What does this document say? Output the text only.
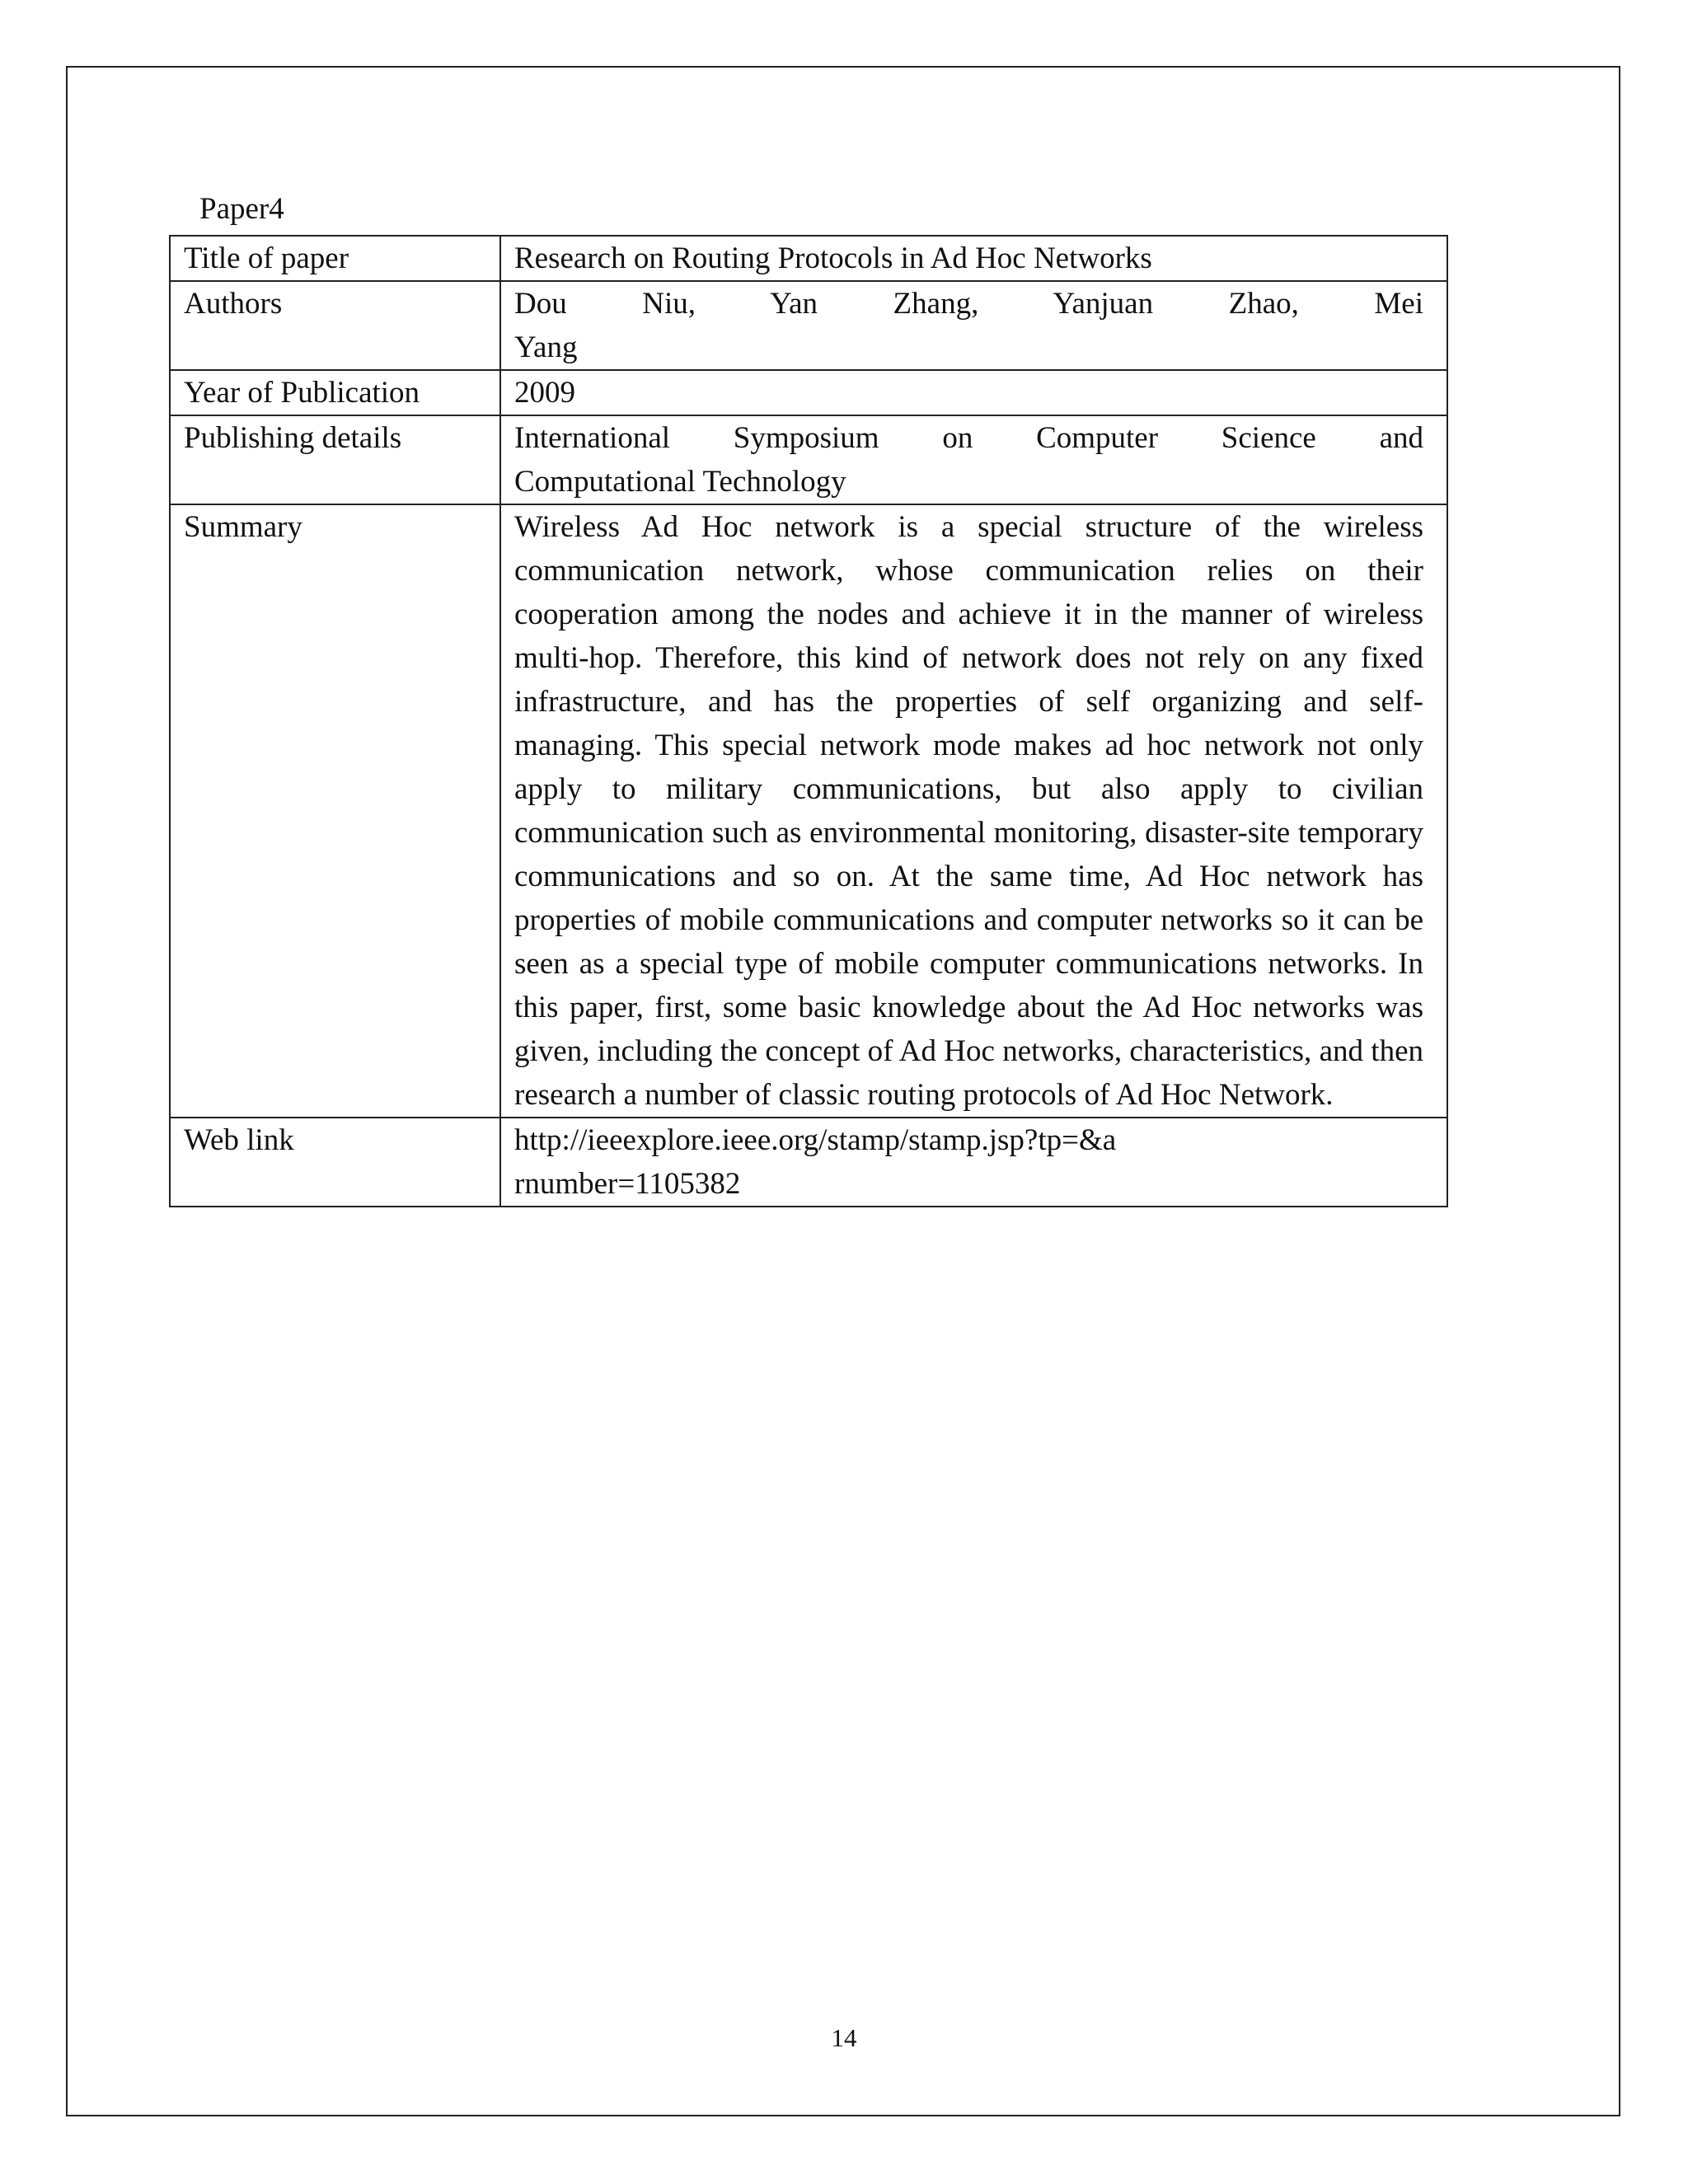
Paper4
Title of paper	Research on Routing Protocols in Ad Hoc Networks
Authors	Dou Niu, Yan Zhang, Yanjuan Zhao, Mei
Yang

Year of Publication	2009
Publishing details	International Symposium on Computer Science and
Computational Technology

Summary	Wireless Ad Hoc network is a special structure of the wireless communication network, whose communication relies on their cooperation among the nodes and achieve it in the manner of wireless multi-hop. Therefore, this kind of network does not rely on any fixed infrastructure, and has the properties of self organizing and self-managing. This special network mode makes ad hoc network not only apply to military communications, but also apply to civilian communication such as environmental monitoring, disaster-site temporary communications and so on. At the same time, Ad Hoc network has properties of mobile communications and computer networks so it can be seen as a special type of mobile computer communications networks. In this paper, first, some basic knowledge about the Ad Hoc networks was given, including the concept of Ad Hoc networks, characteristics, and then research a number of classic routing protocols of Ad Hoc Network.
Web link	http://ieeexplore.ieee.org/stamp/stamp.jsp?tp=&a
rnumber=1105382
14
